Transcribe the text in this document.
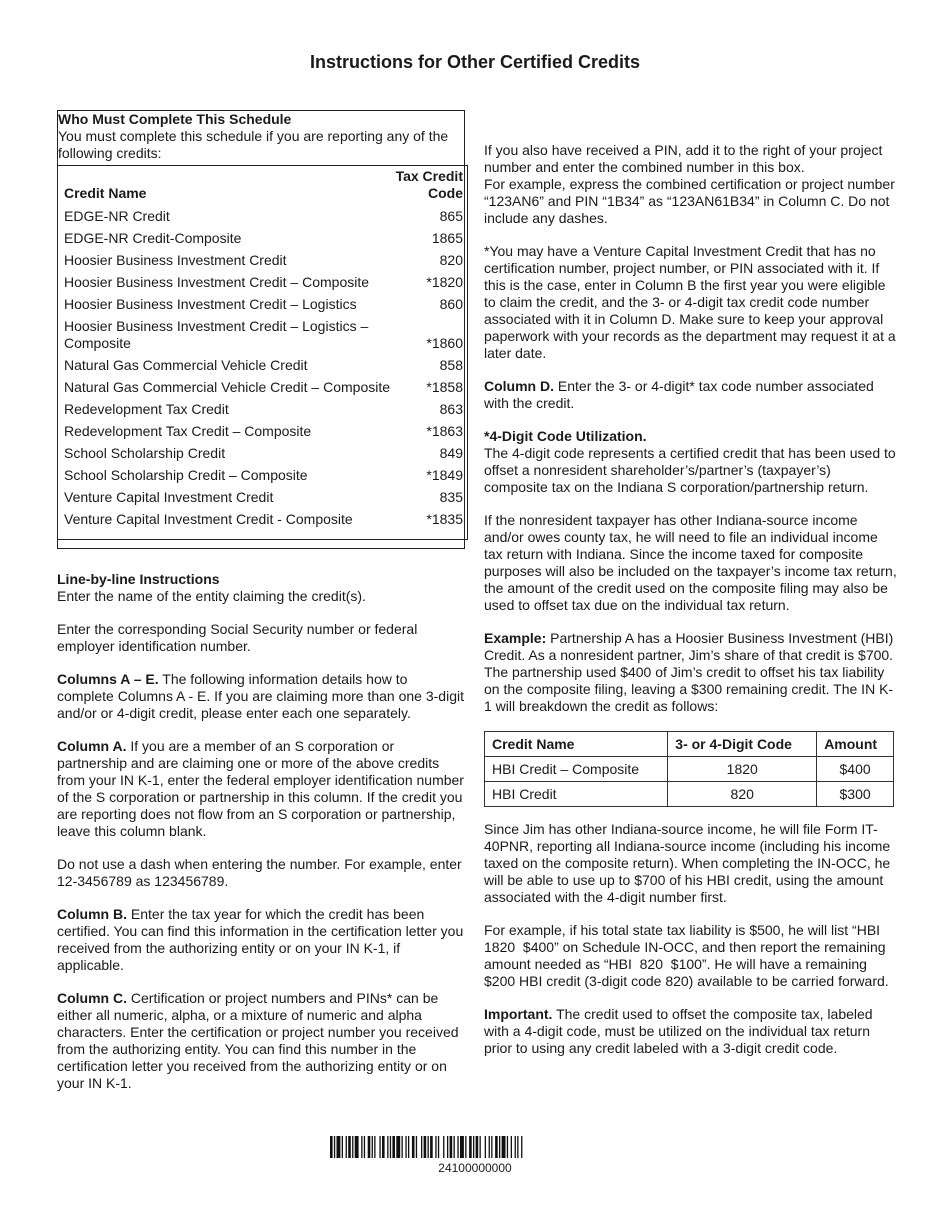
Instructions for Other Certified Credits
Who Must Complete This Schedule
You must complete this schedule if you are reporting any of the following credits:
Credit Name
Tax Credit
Code
EDGE-NR Credit	865
EDGE-NR Credit-Composite	1865
Hoosier Business Investment Credit	820
Hoosier Business Investment Credit – Composite	*1820
Hoosier Business Investment Credit – Logistics	860
Hoosier Business Investment Credit – Logistics – Composite	*1860
Natural Gas Commercial Vehicle Credit	858
Natural Gas Commercial Vehicle Credit – Composite	*1858
Redevelopment Tax Credit	863
Redevelopment Tax Credit – Composite	*1863
School Scholarship Credit	849
School Scholarship Credit – Composite	*1849
Venture Capital Investment Credit	835
Venture Capital Investment Credit - Composite	*1835

Line-by-line Instructions
Enter the name of the entity claiming the credit(s).

Enter the corresponding Social Security number or federal employer identification number.

Columns A – E. The following information details how to complete Columns A - E. If you are claiming more than one 3-digit and/or or 4-digit credit, please enter each one separately.

Column A. If you are a member of an S corporation or partnership and are claiming one or more of the above credits from your IN K-1, enter the federal employer identification number of the S corporation or partnership in this column. If the credit you are reporting does not flow from an S corporation or partnership, leave this column blank.

Do not use a dash when entering the number. For example, enter 12-3456789 as 123456789.

Column B. Enter the tax year for which the credit has been certified. You can find this information in the certification letter you received from the authorizing entity or on your IN K-1, if applicable.

Column C. Certification or project numbers and PINs* can be either all numeric, alpha, or a mixture of numeric and alpha characters. Enter the certification or project number you received from the authorizing entity. You can find this number in the certification letter you received from the authorizing entity or on your IN K-1.

If you also have received a PIN, add it to the right of your project number and enter the combined number in this box.
For example, express the combined certification or project number “123AN6” and PIN “1B34” as “123AN61B34” in Column C. Do not include any dashes.

*You may have a Venture Capital Investment Credit that has no certification number, project number, or PIN associated with it. If this is the case, enter in Column B the first year you were eligible to claim the credit, and the 3- or 4-digit tax credit code number associated with it in Column D. Make sure to keep your approval paperwork with your records as the department may request it at a later date.

Column D. Enter the 3- or 4-digit* tax code number associated with the credit.

*4-Digit Code Utilization.
The 4-digit code represents a certified credit that has been used to offset a nonresident shareholder’s/partner’s (taxpayer’s) composite tax on the Indiana S corporation/partnership return.

If the nonresident taxpayer has other Indiana-source income and/or owes county tax, he will need to file an individual income tax return with Indiana. Since the income taxed for composite purposes will also be included on the taxpayer’s income tax return, the amount of the credit used on the composite filing may also be used to offset tax due on the individual tax return.

Example: Partnership A has a Hoosier Business Investment (HBI) Credit. As a nonresident partner, Jim’s share of that credit is $700. The partnership used $400 of Jim’s credit to offset his tax liability on the composite filing, leaving a $300 remaining credit. The IN K-1 will breakdown the credit as follows:

Credit Name	3- or 4-Digit Code	Amount
HBI Credit – Composite	1820	$400
HBI Credit	820	$300

Since Jim has other Indiana-source income, he will file Form IT-40PNR, reporting all Indiana-source income (including his income taxed on the composite return). When completing the IN-OCC, he will be able to use up to $700 of his HBI credit, using the amount associated with the 4-digit number first.

For example, if his total state tax liability is $500, he will list “HBI 1820  $400” on Schedule IN-OCC, and then report the remaining amount needed as “HBI  820  $100”. He will have a remaining $200 HBI credit (3-digit code 820) available to be carried forward.

Important. The credit used to offset the composite tax, labeled with a 4-digit code, must be utilized on the individual tax return prior to using any credit labeled with a 3-digit credit code.

24100000000
